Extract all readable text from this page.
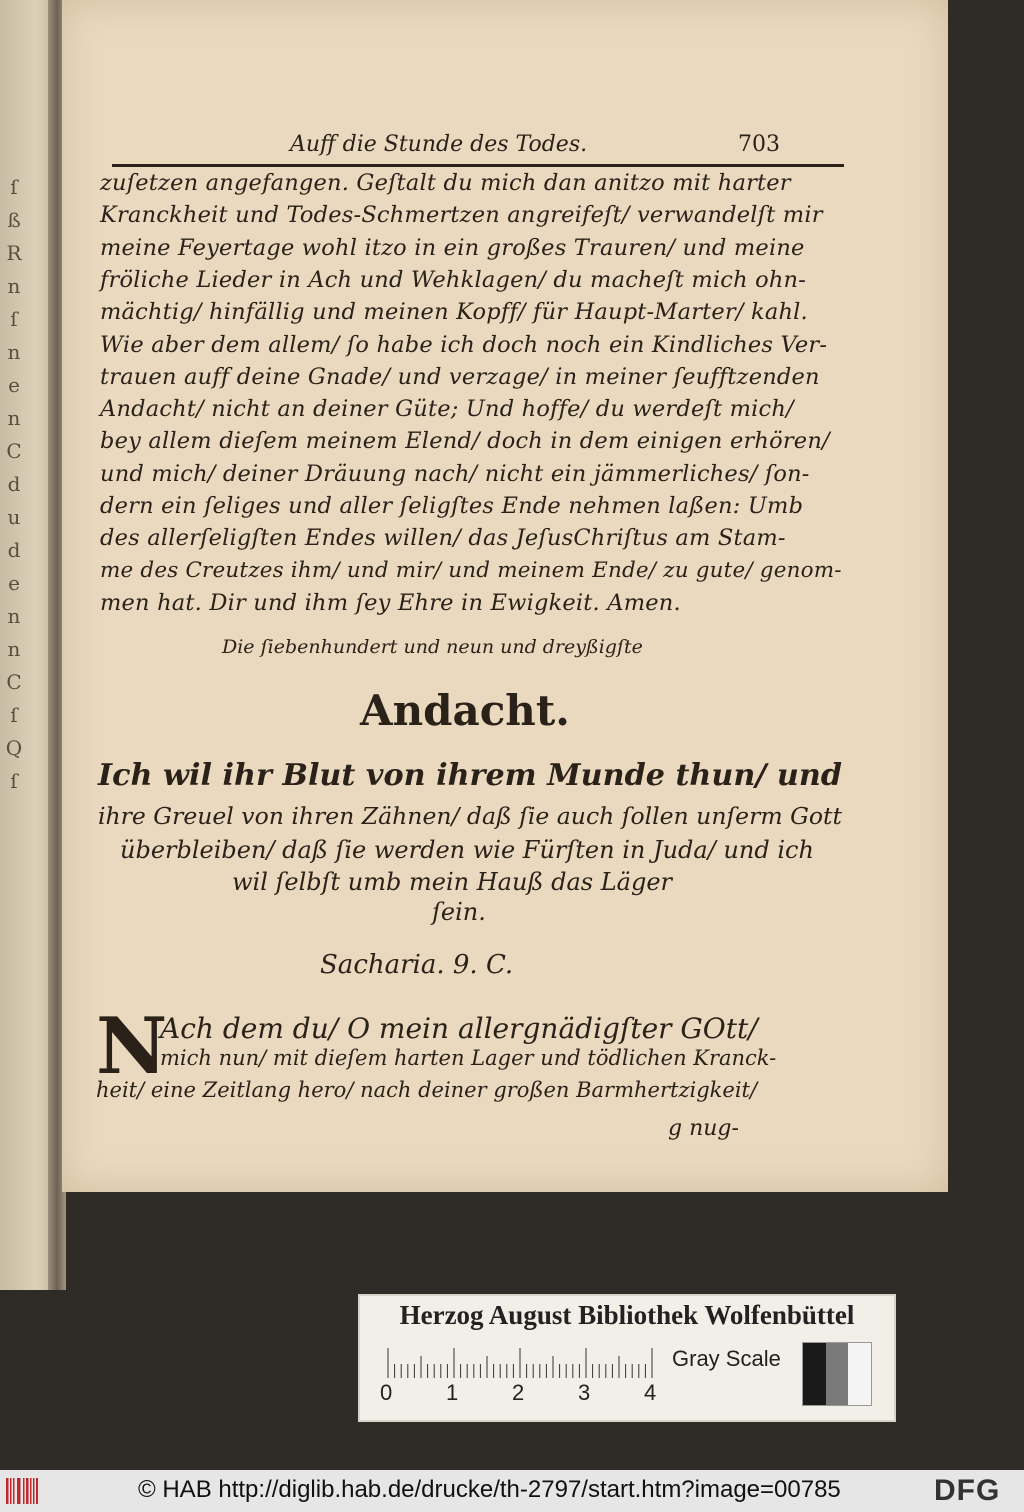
ſ
ß
R
n
ſ
n
e
n
C
d
u
d
e
n
n
C
ſ
Q
ſ
Auff die Stunde des Todes.	703
zuſetzen angefangen. Geſtalt du mich dan anitzo mit harter
Kranckheit und Todes-Schmertzen angreifeſt/ verwandelſt mir
meine Feyertage wohl itzo in ein großes Trauren/ und meine
fröliche Lieder in Ach und Wehklagen/ du macheſt mich ohn-
mächtig/ hinfällig und meinen Kopff/ für Haupt-Marter/ kahl.
Wie aber dem allem/ ſo habe ich doch noch ein Kindliches Ver-
trauen auff deine Gnade/ und verzage/ in meiner ſeufftzenden
Andacht/ nicht an deiner Güte; Und hoffe/ du werdeſt mich/
bey allem dieſem meinem Elend/ doch in dem einigen erhören/
und mich/ deiner Dräuung nach/ nicht ein jämmerliches/ ſon-
dern ein ſeliges und aller ſeligſtes Ende nehmen laßen: Umb
des allerſeligſten Endes willen/ das JeſusChriſtus am Stam-
me des Creutzes ihm/ und mir/ und meinem Ende/ zu gute/ genom-
men hat. Dir und ihm ſey Ehre in Ewigkeit. Amen.
Die ſiebenhundert und neun und dreyßigſte
Andacht.
Ich wil ihr Blut von ihrem Munde thun/ und
ihre Greuel von ihren Zähnen/ daß ſie auch ſollen unſerm Gott
überbleiben/ daß ſie werden wie Fürſten in Juda/ und ich
wil ſelbſt umb mein Hauß das Läger
ſein.
Sacharia. 9. C.
N
Ach dem du/ O mein allergnädigſter GOtt/
mich nun/ mit dieſem harten Lager und tödlichen Kranck-
heit/ eine Zeitlang hero/ nach deiner großen Barmhertzigkeit/
g nug-
Herzog August Bibliothek Wolfenbüttel
0 1 2 3 4
Gray Scale
© HAB http://diglib.hab.de/drucke/th-2797/start.htm?image=00785	DFG
